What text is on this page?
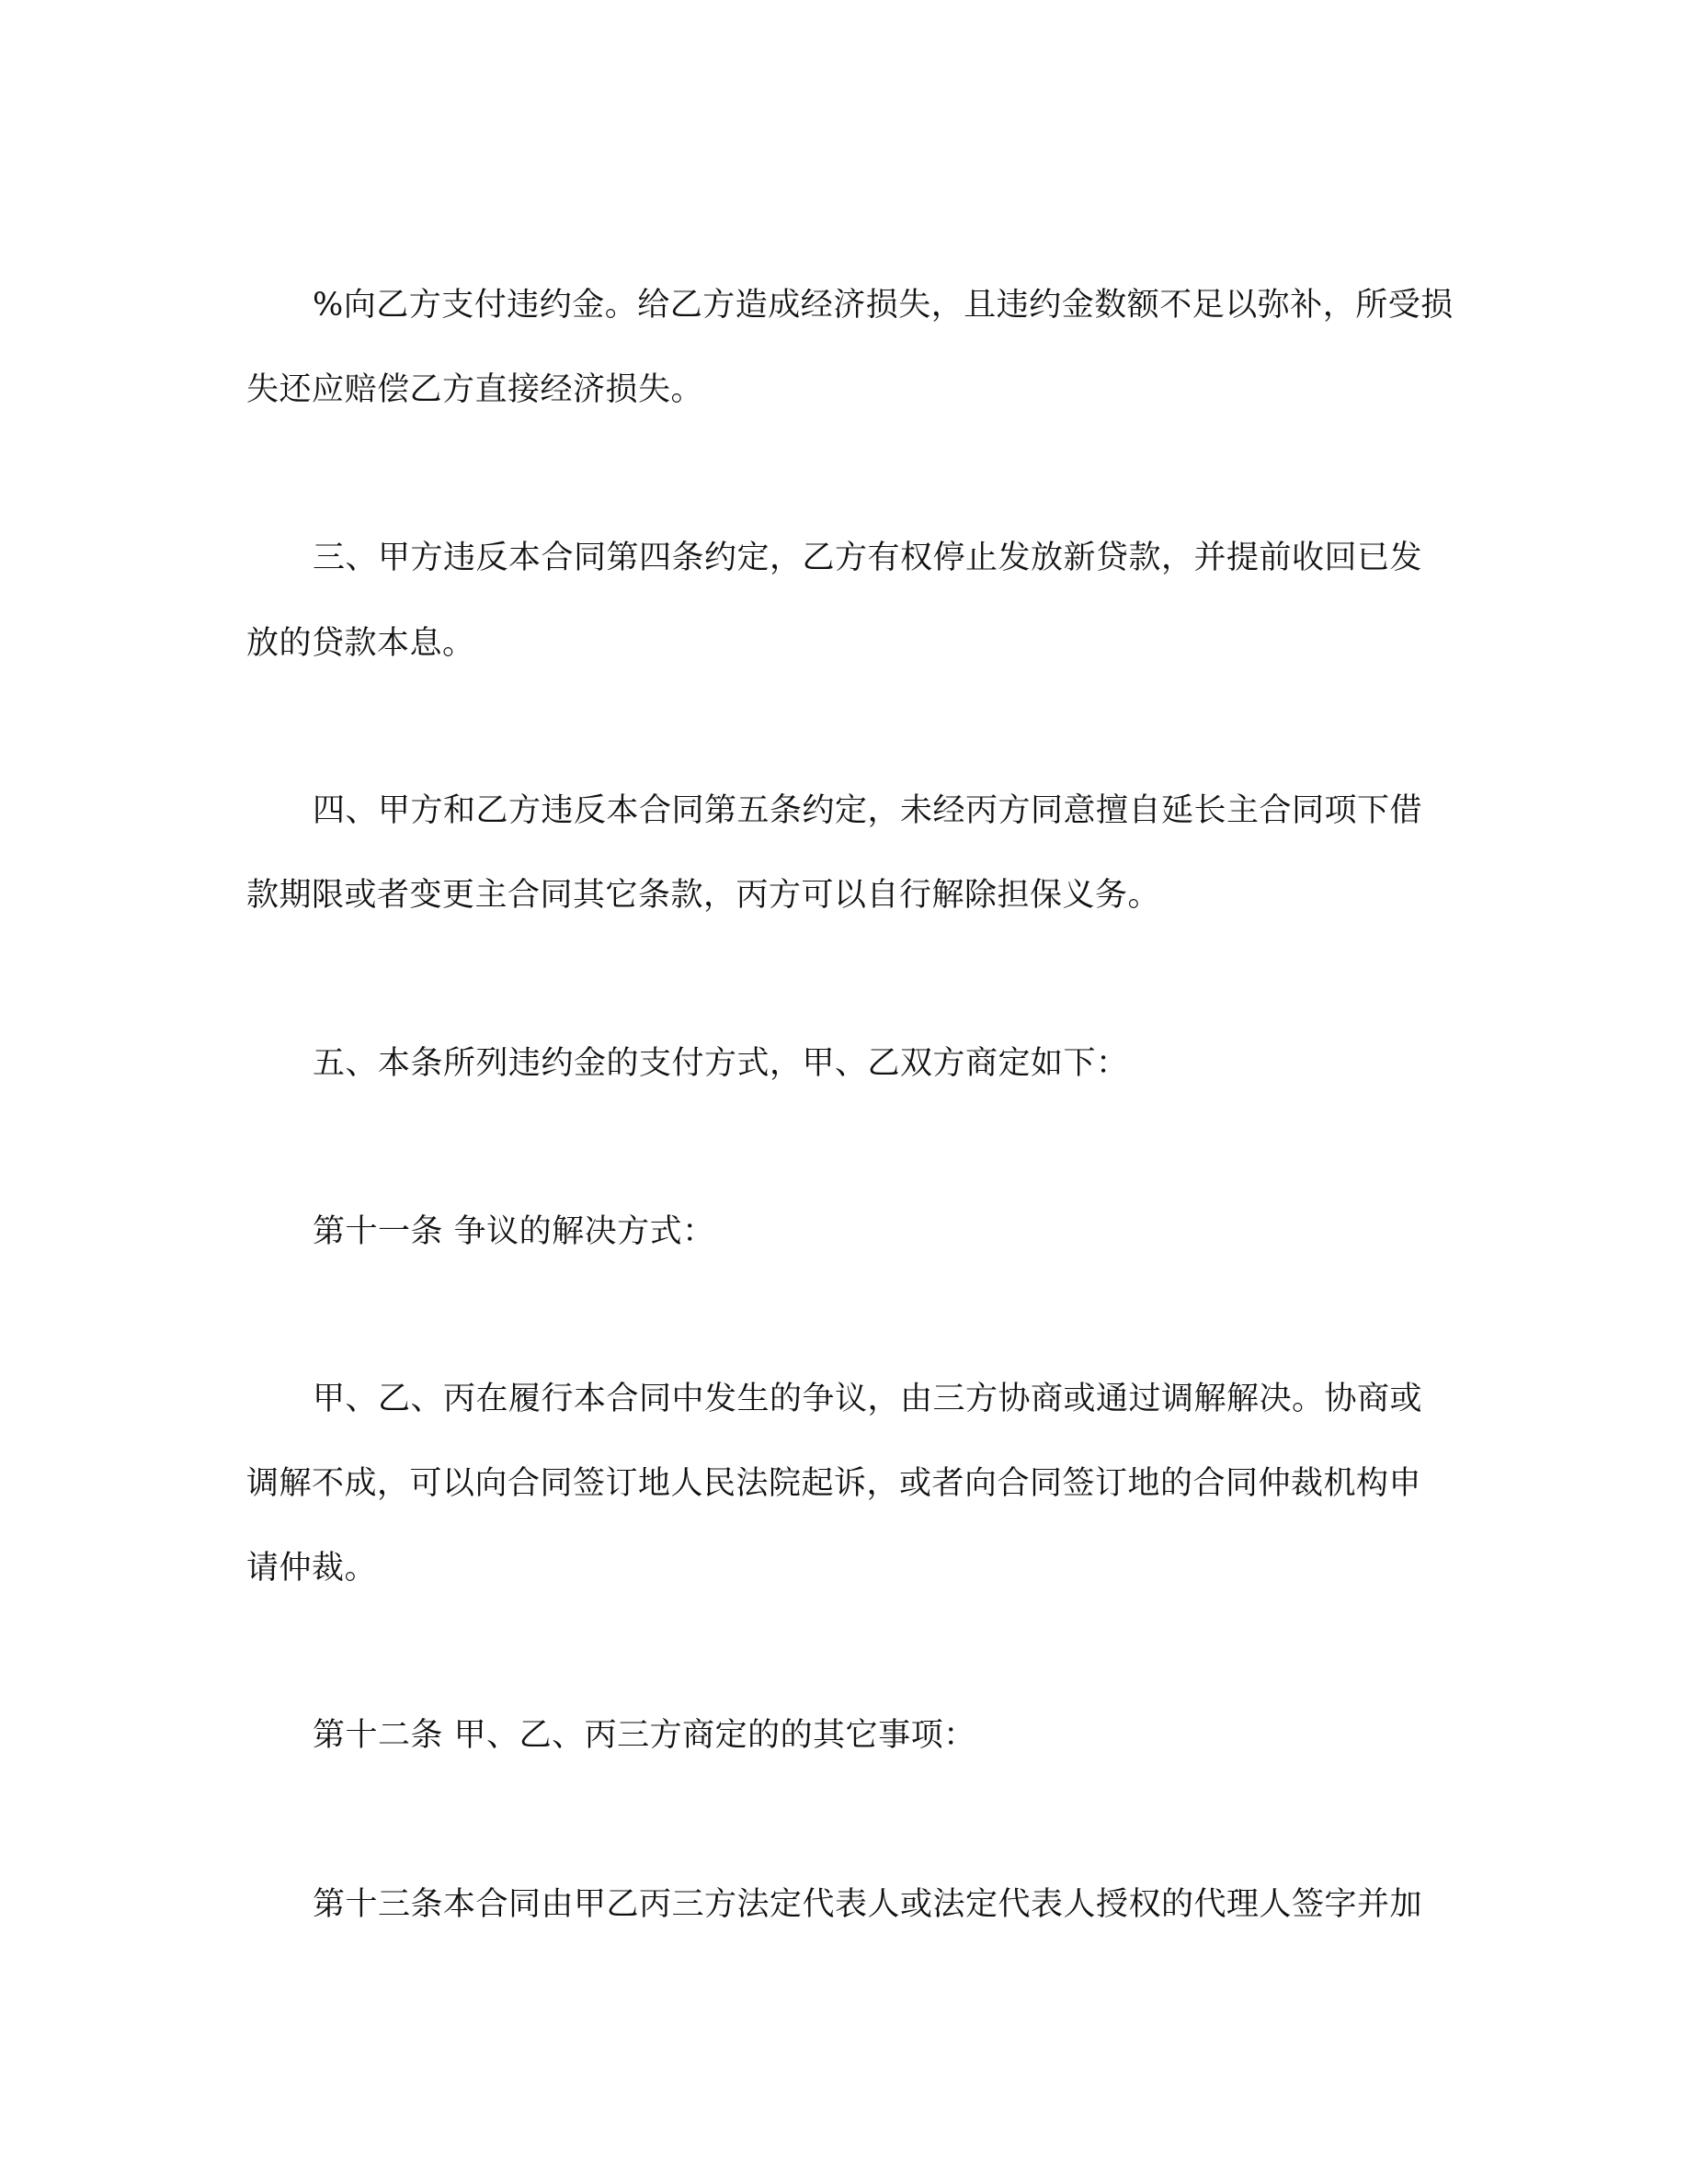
%向乙方支付违约金。给乙方造成经济损失，且违约金数额不足以弥补，所受损

失还应赔偿乙方直接经济损失。

三、甲方违反本合同第四条约定，乙方有权停止发放新贷款，并提前收回已发

放的贷款本息。

四、甲方和乙方违反本合同第五条约定，未经丙方同意擅自延长主合同项下借

款期限或者变更主合同其它条款，丙方可以自行解除担保义务。

五、本条所列违约金的支付方式，甲、乙双方商定如下：

第十一条 争议的解决方式：

甲、乙、丙在履行本合同中发生的争议，由三方协商或通过调解解决。协商或

调解不成，可以向合同签订地人民法院起诉，或者向合同签订地的合同仲裁机构申

请仲裁。

第十二条 甲、乙、丙三方商定的的其它事项：

第十三条本合同由甲乙丙三方法定代表人或法定代表人授权的代理人签字并加
